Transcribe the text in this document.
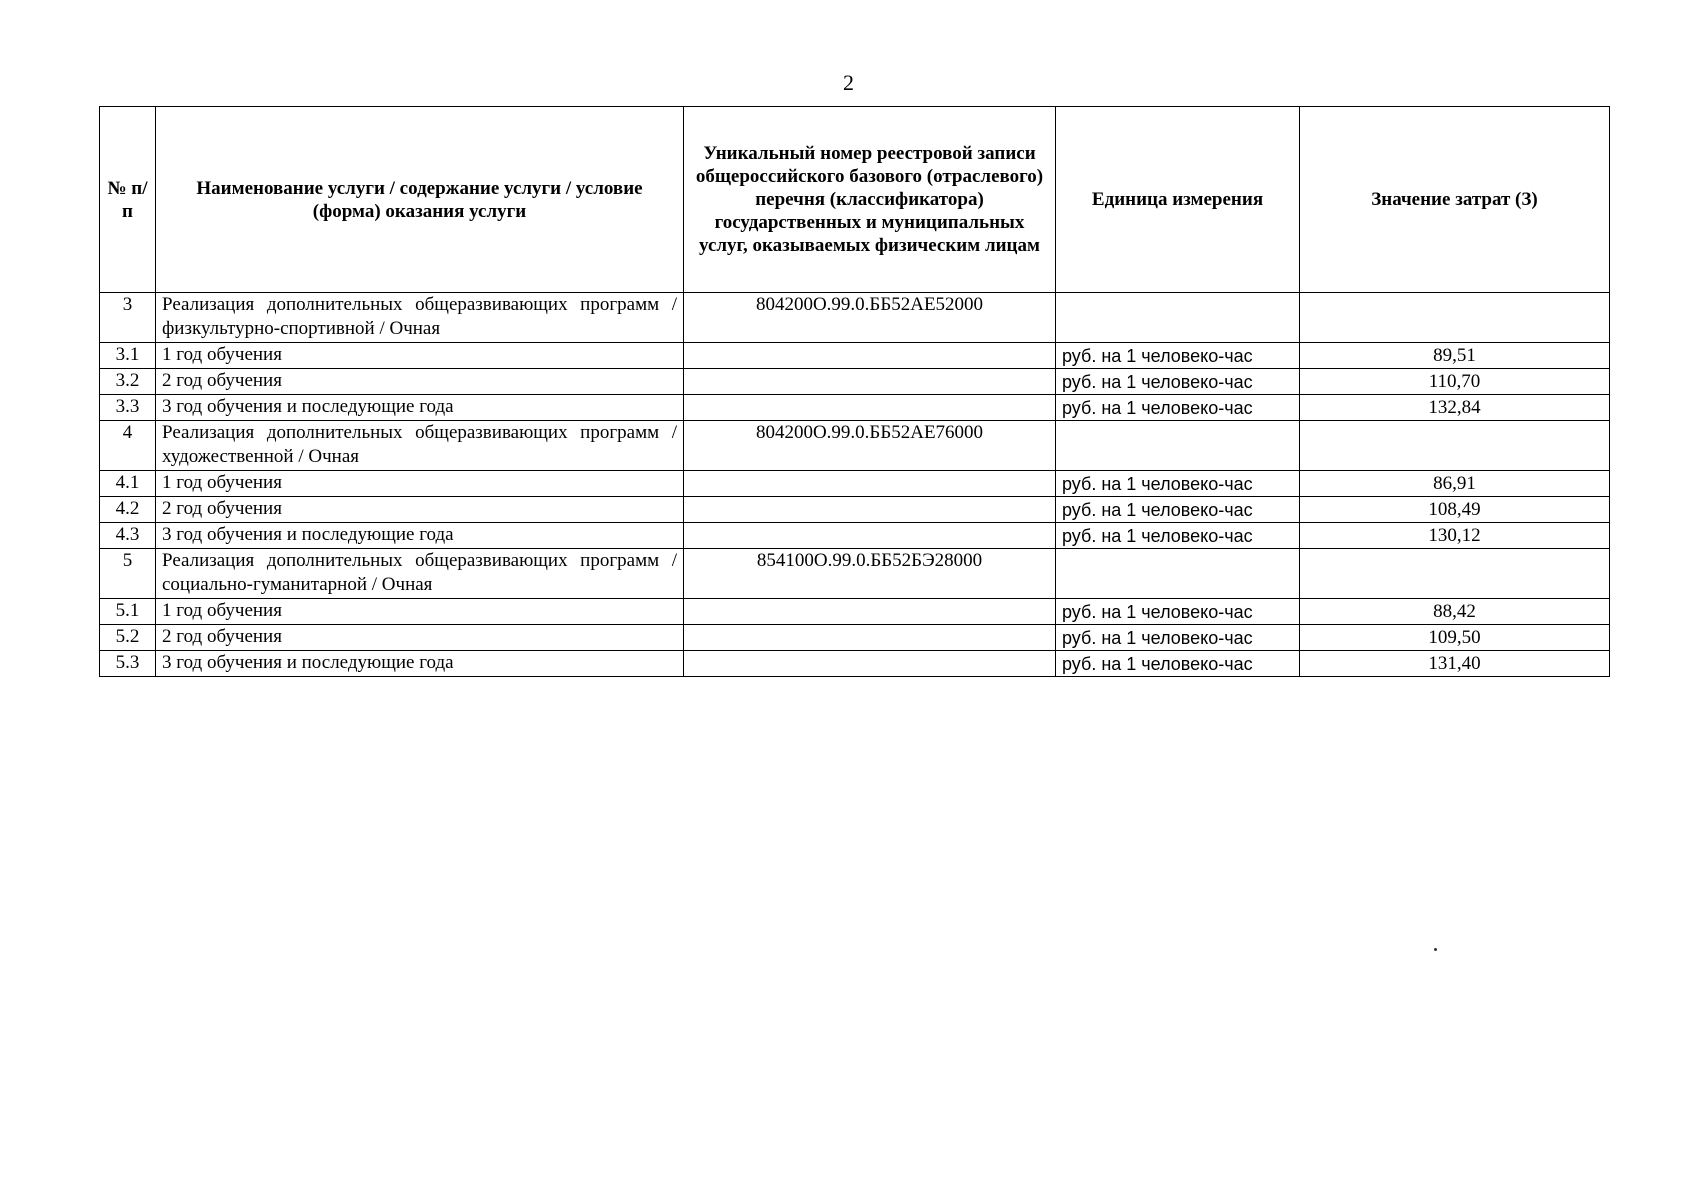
2
№ п/п	Наименование услуги / содержание услуги / условие (форма) оказания услуги	Уникальный номер реестровой записи общероссийского базового (отраслевого) перечня (классификатора) государственных и муниципальных услуг, оказываемых физическим лицам	Единица измерения	Значение затрат (З)
3	Реализация дополнительных общеразвивающих программ / физкультурно-спортивной / Очная	804200О.99.0.ББ52АЕ52000		
3.1	1 год обучения		руб. на 1 человеко-час	89,51
3.2	2 год обучения		руб. на 1 человеко-час	110,70
3.3	3 год обучения и последующие года		руб. на 1 человеко-час	132,84
4	Реализация дополнительных общеразвивающих программ / художественной / Очная	804200О.99.0.ББ52АЕ76000		
4.1	1 год обучения		руб. на 1 человеко-час	86,91
4.2	2 год обучения		руб. на 1 человеко-час	108,49
4.3	3 год обучения и последующие года		руб. на 1 человеко-час	130,12
5	Реализация дополнительных общеразвивающих программ / социально-гуманитарной / Очная	854100О.99.0.ББ52БЭ28000		
5.1	1 год обучения		руб. на 1 человеко-час	88,42
5.2	2 год обучения		руб. на 1 человеко-час	109,50
5.3	3 год обучения и последующие года		руб. на 1 человеко-час	131,40
